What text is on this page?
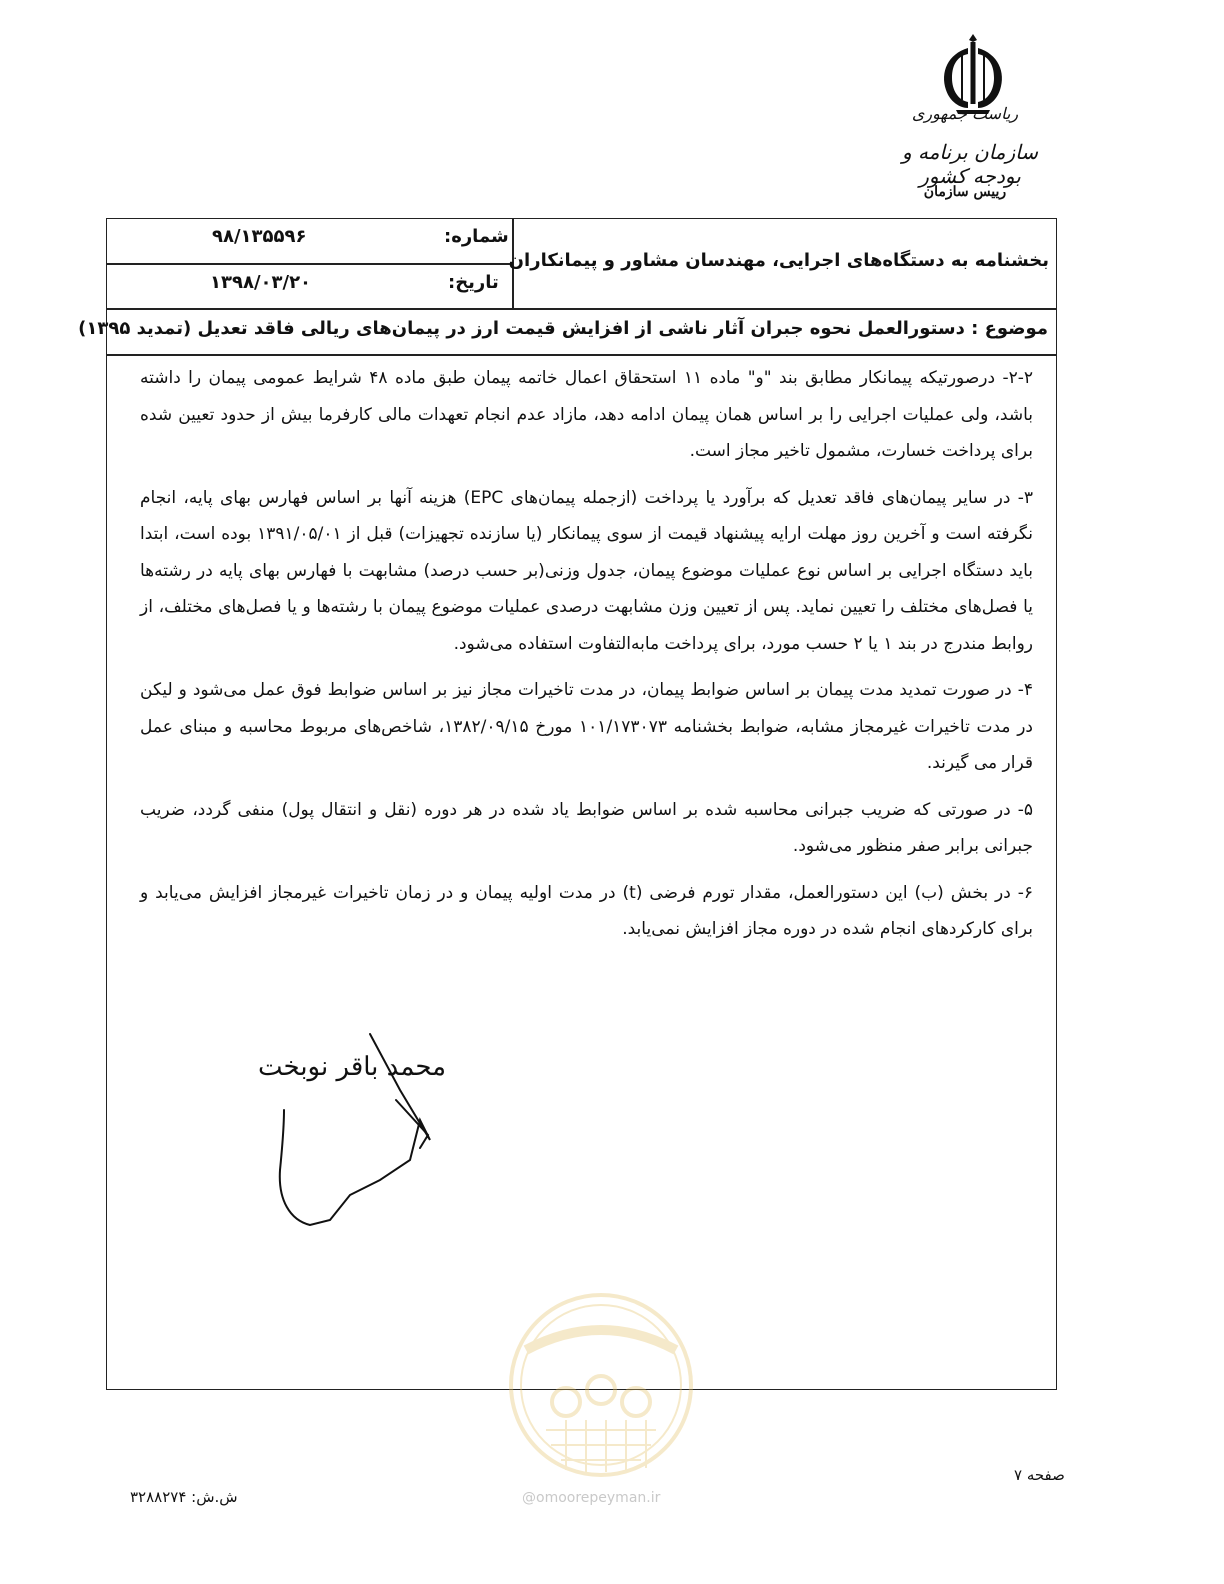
ریاست جمهوری
سازمان برنامه و بودجه کشور
رییس سازمان
بخشنامه به دستگاه‌های اجرایی، مهندسان مشاور و پیمانکاران
شماره:
۹۸/۱۳۵۵۹۶
تاریخ:
۱۳۹۸/۰۳/۲۰
موضوع : دستورالعمل نحوه جبران آثار ناشی از افزایش قیمت ارز در پیمان‌های ریالی فاقد تعدیل (تمدید ۱۳۹۵)

۲-۲- درصورتیکه پیمانکار مطابق بند "و" ماده ۱۱ استحقاق اعمال خاتمه پیمان طبق ماده ۴۸ شرایط عمومی پیمان را داشته باشد، ولی عملیات اجرایی را بر اساس همان پیمان ادامه دهد، مازاد عدم انجام تعهدات مالی کارفرما بیش از حدود تعیین شده برای پرداخت خسارت، مشمول تاخیر مجاز است.

۳- در سایر پیمان‌های فاقد تعدیل که برآورد یا پرداخت (ازجمله پیمان‌های EPC) هزینه آنها بر اساس فهارس بهای پایه، انجام نگرفته است و آخرین روز مهلت ارایه پیشنهاد قیمت از سوی پیمانکار (یا سازنده تجهیزات) قبل از ۱۳۹۱/۰۵/۰۱ بوده است، ابتدا باید دستگاه اجرایی بر اساس نوع عملیات موضوع پیمان، جدول وزنی(بر حسب درصد) مشابهت با فهارس بهای پایه در رشته‌ها یا فصل‌های مختلف را تعیین نماید. پس از تعیین وزن مشابهت درصدی عملیات موضوع پیمان با رشته‌ها و یا فصل‌های مختلف، از روابط مندرج در بند ۱ یا ۲ حسب مورد، برای پرداخت مابه‌التفاوت استفاده می‌شود.

۴- در صورت تمدید مدت پیمان بر اساس ضوابط پیمان، در مدت تاخیرات مجاز نیز بر اساس ضوابط فوق عمل می‌شود و لیکن در مدت تاخیرات غیرمجاز مشابه، ضوابط بخشنامه ۱۰۱/۱۷۳۰۷۳ مورخ ۱۳۸۲/۰۹/۱۵، شاخص‌های مربوط محاسبه و مبنای عمل قرار می گیرند.

۵- در صورتی که ضریب جبرانی محاسبه شده بر اساس ضوابط یاد شده در هر دوره (نقل و انتقال پول) منفی گردد، ضریب جبرانی برابر صفر منظور می‌شود.

۶- در بخش (ب) این دستورالعمل، مقدار تورم فرضی (t) در مدت اولیه پیمان و در زمان تاخیرات غیرمجاز افزایش می‌یابد و برای کارکردهای انجام شده در دوره مجاز افزایش نمی‌یابد.

محمد باقر نوبخت
@omoorepeyman.ir
صفحه ۷
ش.ش: ۳۲۸۸۲۷۴
